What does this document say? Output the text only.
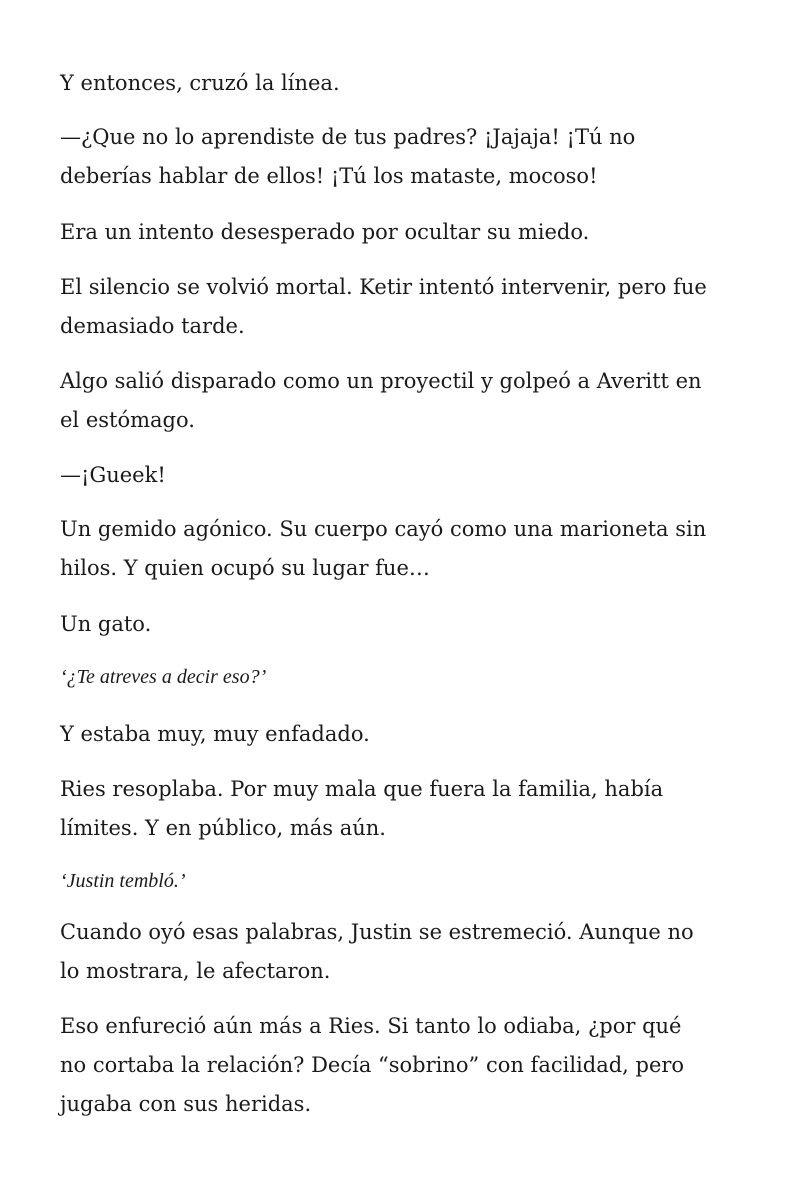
Y entonces, cruzó la línea.

—¿Que no lo aprendiste de tus padres? ¡Jajaja! ¡Tú no
deberías hablar de ellos! ¡Tú los mataste, mocoso!

Era un intento desesperado por ocultar su miedo.

El silencio se volvió mortal. Ketir intentó intervenir, pero fue
demasiado tarde.

Algo salió disparado como un proyectil y golpeó a Averitt en
el estómago.

—¡Gueek!

Un gemido agónico. Su cuerpo cayó como una marioneta sin
hilos. Y quien ocupó su lugar fue…

Un gato.

‘¿Te atreves a decir eso?’

Y estaba muy, muy enfadado.

Ries resoplaba. Por muy mala que fuera la familia, había
límites. Y en público, más aún.

‘Justin tembló.’

Cuando oyó esas palabras, Justin se estremeció. Aunque no
lo mostrara, le afectaron.

Eso enfureció aún más a Ries. Si tanto lo odiaba, ¿por qué
no cortaba la relación? Decía “sobrino” con facilidad, pero
jugaba con sus heridas.
